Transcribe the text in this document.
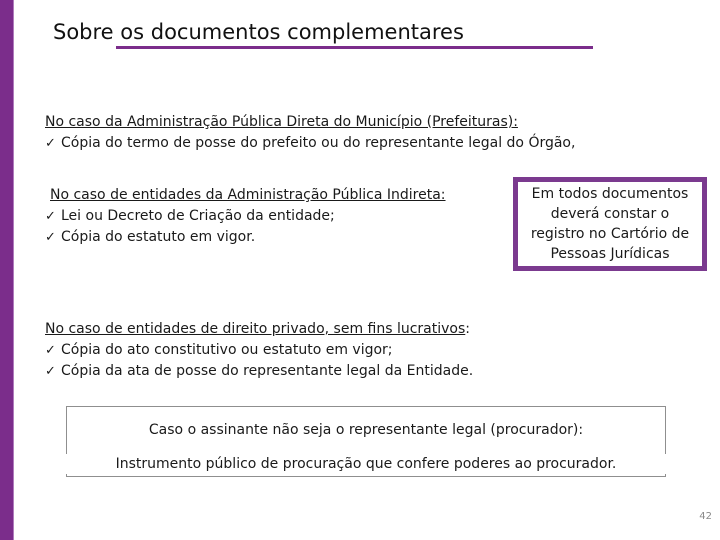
Sobre os documentos complementares
No caso da Administração Pública Direta do Município (Prefeituras):
✓ Cópia do termo de posse do prefeito ou do representante legal do Órgão,
No caso de entidades da Administração Pública Indireta:
✓ Lei ou Decreto de Criação da entidade;
✓ Cópia do estatuto em vigor.
Em todos documentos
deverá constar o
registro no Cartório de
Pessoas Jurídicas
No caso de entidades de direito privado, sem fins lucrativos:
✓ Cópia do ato constitutivo ou estatuto em vigor;
✓ Cópia da ata de posse do representante legal da Entidade.
Caso o assinante não seja o representante legal (procurador):
Instrumento público de procuração que confere poderes ao procurador.
42
